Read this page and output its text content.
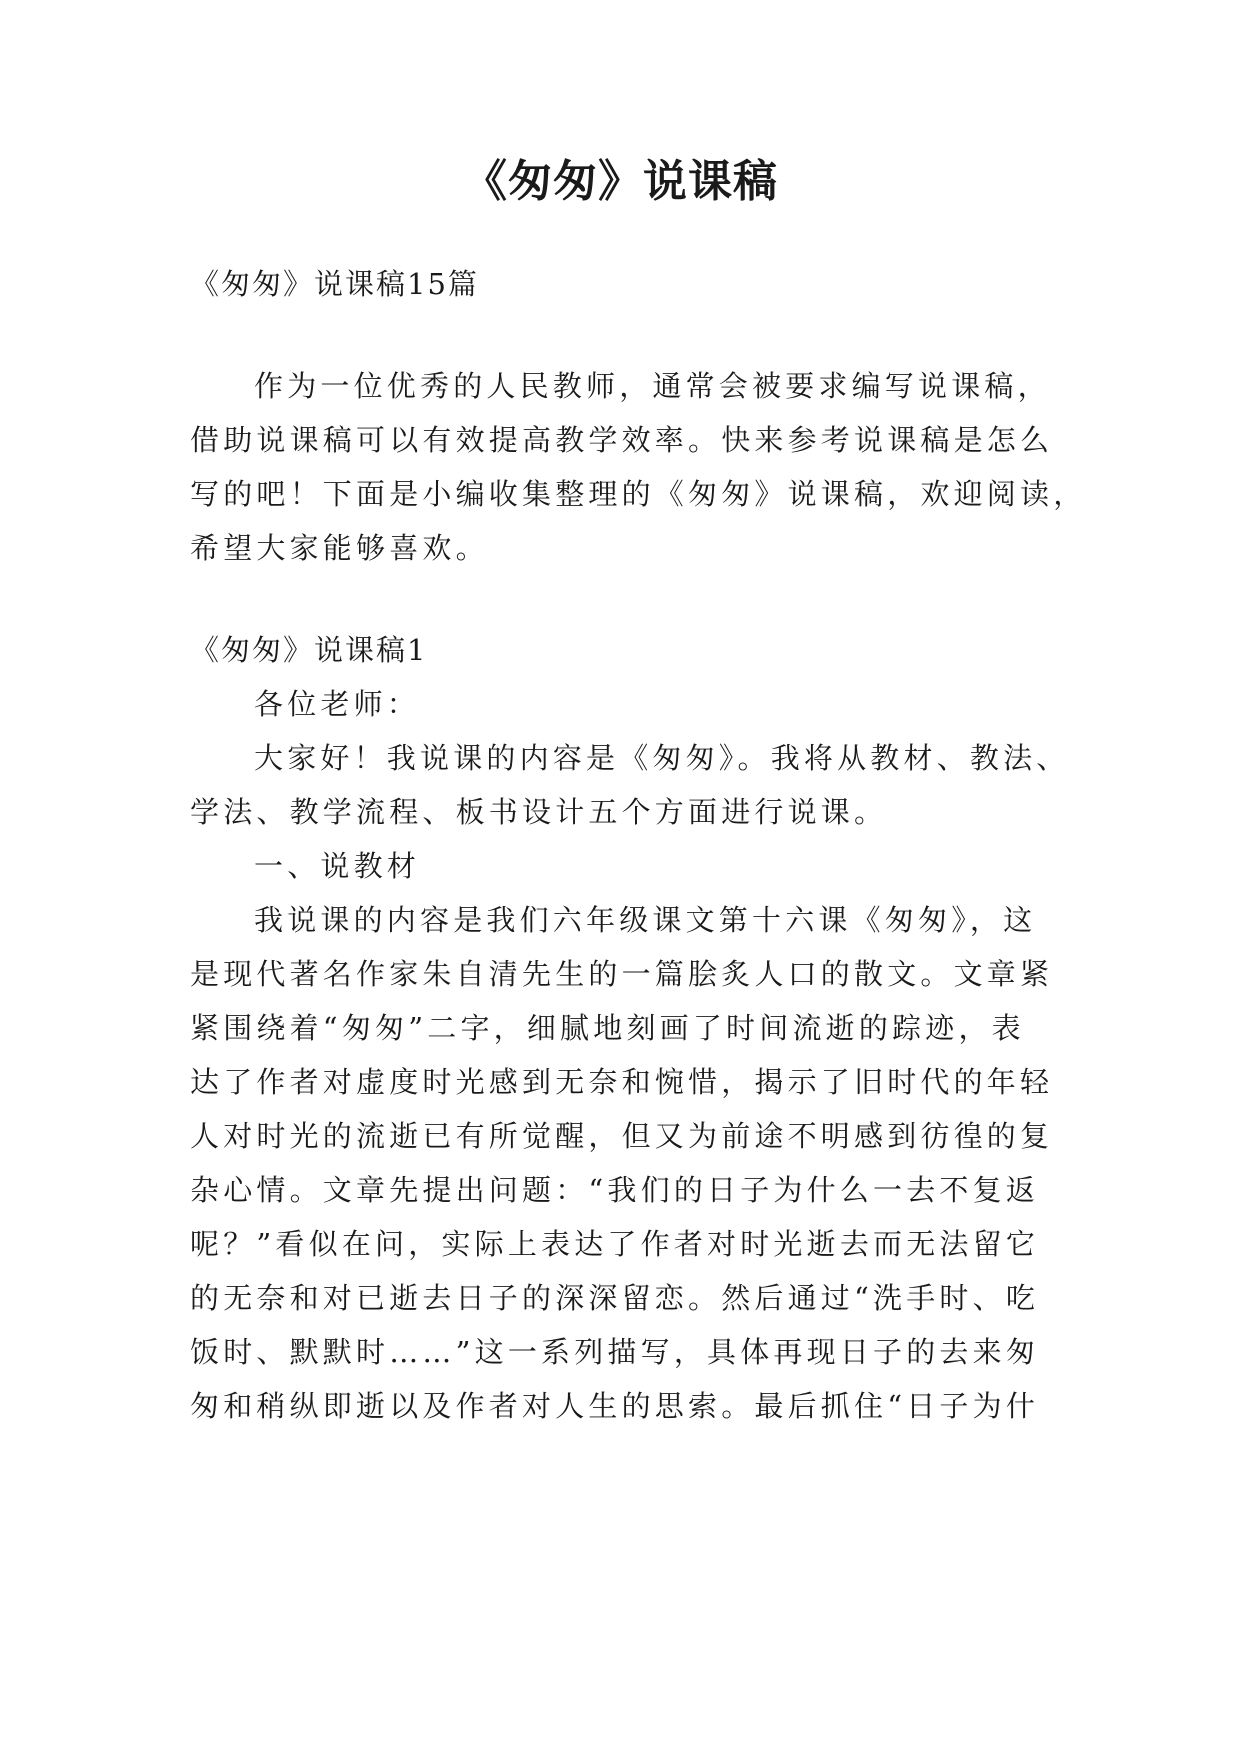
《匆匆》说课稿

《匆匆》说课稿15篇

作为一位优秀的人民教师，通常会被要求编写说课稿，

借助说课稿可以有效提高教学效率。快来参考说课稿是怎么

写的吧！下面是小编收集整理的《匆匆》说课稿，欢迎阅读，

希望大家能够喜欢。

《匆匆》说课稿1

各位老师：

大家好！我说课的内容是《匆匆》。我将从教材、教法、

学法、教学流程、板书设计五个方面进行说课。

一、说教材

我说课的内容是我们六年级课文第十六课《匆匆》，这

是现代著名作家朱自清先生的一篇脍炙人口的散文。文章紧

紧围绕着“匆匆”二字，细腻地刻画了时间流逝的踪迹，表

达了作者对虚度时光感到无奈和惋惜，揭示了旧时代的年轻

人对时光的流逝已有所觉醒，但又为前途不明感到彷徨的复

杂心情。文章先提出问题：“我们的日子为什么一去不复返

呢？”看似在问，实际上表达了作者对时光逝去而无法留它

的无奈和对已逝去日子的深深留恋。然后通过“洗手时、吃

饭时、默默时……”这一系列描写，具体再现日子的去来匆

匆和稍纵即逝以及作者对人生的思索。最后抓住“日子为什
